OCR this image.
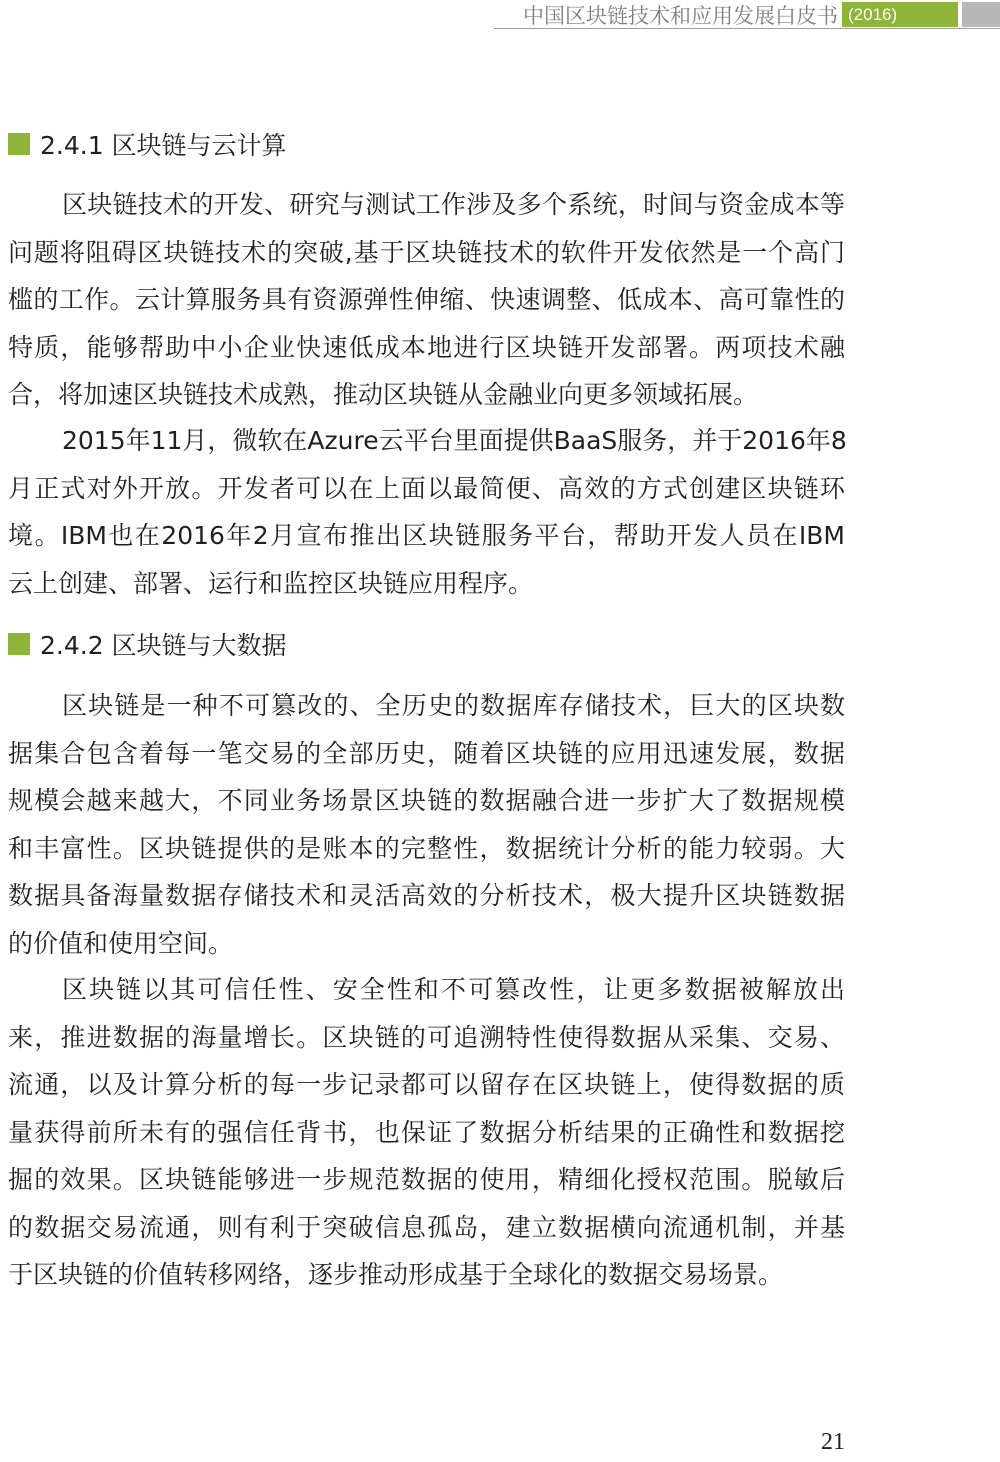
中国区块链技术和应用发展白皮书 (2016)
2.4.1 区块链与云计算
区块链技术的开发、研究与测试工作涉及多个系统，时间与资金成本等
问题将阻碍区块链技术的突破,基于区块链技术的软件开发依然是一个高门
槛的工作。云计算服务具有资源弹性伸缩、快速调整、低成本、高可靠性的
特质，能够帮助中小企业快速低成本地进行区块链开发部署。两项技术融
合，将加速区块链技术成熟，推动区块链从金融业向更多领域拓展。
2015年11月，微软在Azure云平台里面提供BaaS服务，并于2016年8
月正式对外开放。开发者可以在上面以最简便、高效的方式创建区块链环
境。IBM也在2016年2月宣布推出区块链服务平台，帮助开发人员在IBM
云上创建、部署、运行和监控区块链应用程序。
2.4.2 区块链与大数据
区块链是一种不可篡改的、全历史的数据库存储技术，巨大的区块数
据集合包含着每一笔交易的全部历史，随着区块链的应用迅速发展，数据
规模会越来越大，不同业务场景区块链的数据融合进一步扩大了数据规模
和丰富性。区块链提供的是账本的完整性，数据统计分析的能力较弱。大
数据具备海量数据存储技术和灵活高效的分析技术，极大提升区块链数据
的价值和使用空间。
区块链以其可信任性、安全性和不可篡改性，让更多数据被解放出
来，推进数据的海量增长。区块链的可追溯特性使得数据从采集、交易、
流通，以及计算分析的每一步记录都可以留存在区块链上，使得数据的质
量获得前所未有的强信任背书，也保证了数据分析结果的正确性和数据挖
掘的效果。区块链能够进一步规范数据的使用，精细化授权范围。脱敏后
的数据交易流通，则有利于突破信息孤岛，建立数据横向流通机制，并基
于区块链的价值转移网络，逐步推动形成基于全球化的数据交易场景。
21
